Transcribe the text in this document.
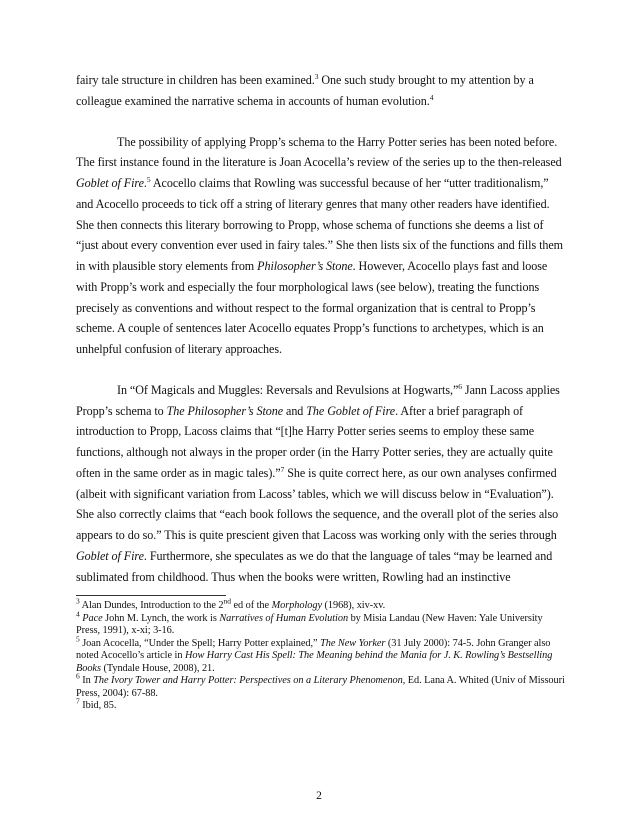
fairy tale structure in children has been examined.$^3$ One such study brought to my attention by a colleague examined the narrative schema in accounts of human evolution.$^4$

The possibility of applying Propp’s schema to the Harry Potter series has been noted before. The first instance found in the literature is Joan Acocella’s review of the series up to the then-released Goblet of Fire.$^5$ Acocello claims that Rowling was successful because of her “utter traditionalism,” and Acocello proceeds to tick off a string of literary genres that many other readers have identified. She then connects this literary borrowing to Propp, whose schema of functions she deems a list of “just about every convention ever used in fairy tales.” She then lists six of the functions and fills them in with plausible story elements from Philosopher’s Stone. However, Acocello plays fast and loose with Propp’s work and especially the four morphological laws (see below), treating the functions precisely as conventions and without respect to the formal organization that is central to Propp’s scheme. A couple of sentences later Acocello equates Propp’s functions to archetypes, which is an unhelpful confusion of literary approaches.

In “Of Magicals and Muggles: Reversals and Revulsions at Hogwarts,”$^6$ Jann Lacoss applies Propp’s schema to The Philosopher’s Stone and The Goblet of Fire. After a brief paragraph of introduction to Propp, Lacoss claims that “[t]he Harry Potter series seems to employ these same functions, although not always in the proper order (in the Harry Potter series, they are actually quite often in the same order as in magic tales).”$^7$ She is quite correct here, as our own analyses confirmed (albeit with significant variation from Lacoss’ tables, which we will discuss below in “Evaluation”). She also correctly claims that “each book follows the sequence, and the overall plot of the series also appears to do so.” This is quite prescient given that Lacoss was working only with the series through Goblet of Fire. Furthermore, she speculates as we do that the language of tales “may be learned and sublimated from childhood. Thus when the books were written, Rowling had an instinctive

$^3$ Alan Dundes, Introduction to the 2nd ed of the Morphology (1968), xiv-xv.

$^4$ Pace John M. Lynch, the work is Narratives of Human Evolution by Misia Landau (New Haven: Yale University Press, 1991), x-xi; 3-16.

$^5$ Joan Acocella, “Under the Spell; Harry Potter explained,” The New Yorker (31 July 2000): 74-5. John Granger also noted Acocello’s article in How Harry Cast His Spell: The Meaning behind the Mania for J. K. Rowling’s Bestselling Books (Tyndale House, 2008), 21.

$^6$ In The Ivory Tower and Harry Potter: Perspectives on a Literary Phenomenon, Ed. Lana A. Whited (Univ of Missouri Press, 2004): 67-88.

$^7$ Ibid, 85.

2
